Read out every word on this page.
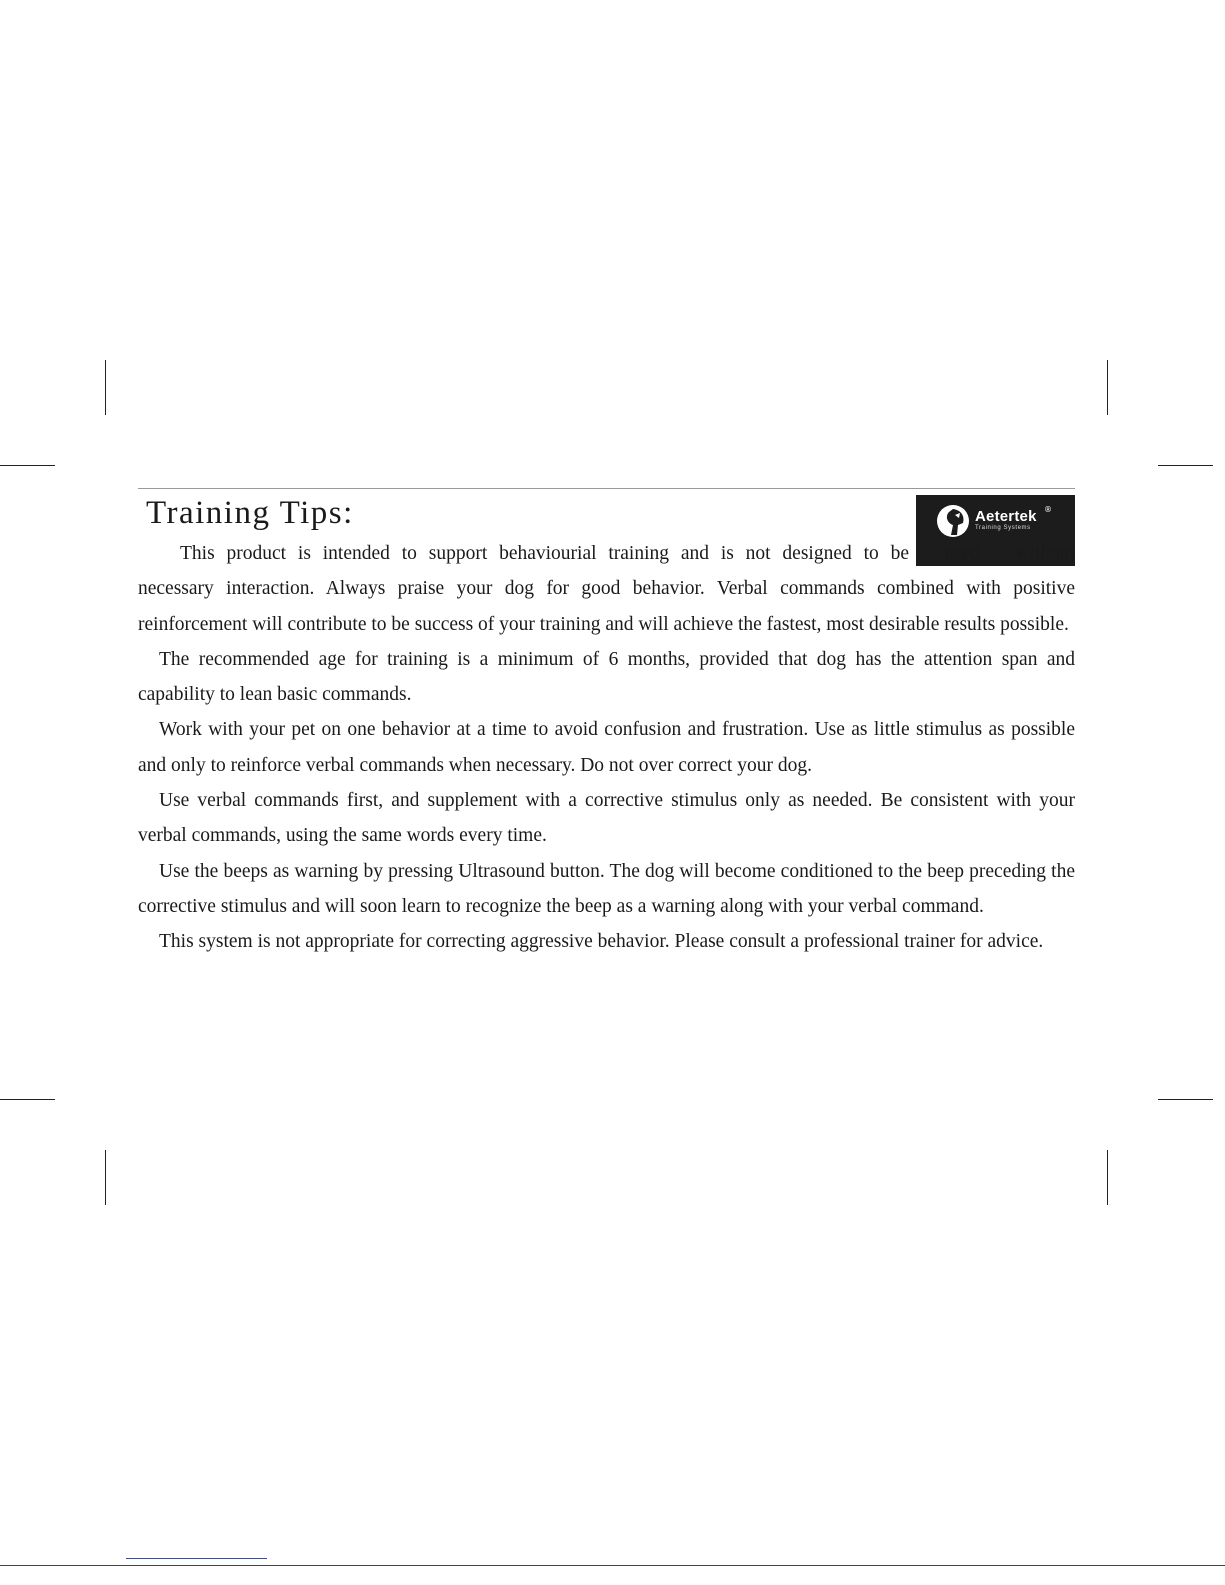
Training Tips:	Aetertek ®
Training Systems

This product is intended to support behaviourial training and is not designed to be used without necessary interaction. Always praise your dog for good behavior. Verbal commands combined with positive reinforcement will contribute to be success of your training and will achieve the fastest, most desirable results possible.

The recommended age for training is a minimum of 6 months, provided that dog has the attention span and capability to lean basic commands.

Work with your pet on one behavior at a time to avoid confusion and frustration. Use as little stimulus as possible and only to reinforce verbal commands when necessary. Do not over correct your dog.

Use verbal commands first, and supplement with a corrective stimulus only as needed. Be consistent with your verbal commands, using the same words every time.

Use the beeps as warning by pressing Ultrasound button. The dog will become conditioned to the beep preceding the corrective stimulus and will soon learn to recognize the beep as a warning along with your verbal command.

This system is not appropriate for correcting aggressive behavior. Please consult a professional trainer for advice.
